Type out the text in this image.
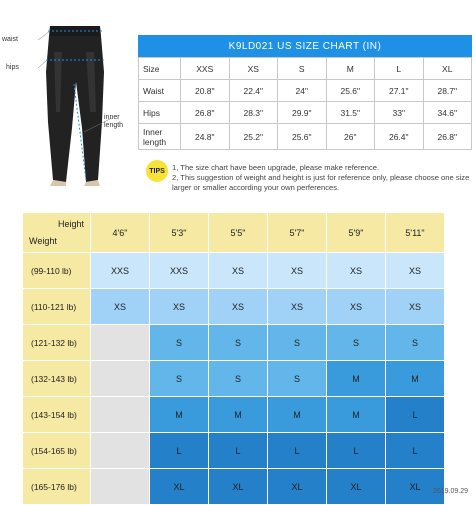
waist
hips
inner
length
K9LD021 US SIZE CHART (IN)
Size	XXS	XS	S	M	L	XL
Waist	20.8"	22.4"	24"	25.6"	27.1"	28.7"
Hips	26.8"	28.3"	29.9"	31.5"	33"	34.6"
Inner length	24.8"	25.2"	25.6"	26"	26.4"	26.8"
TIPS 1, The size chart have been upgrade, please make reference.
2, This suggestion of weight and height is just for reference only, please choose one size larger or smaller according your own perferences.
Height
Weight	4'6"	5'3"	5'5"	5'7"	5'9"	5'11"
(99-110 lb)	XXS	XXS	XS	XS	XS	XS
(110-121 lb)	XS	XS	XS	XS	XS	XS
(121-132 lb)		S	S	S	S	S
(132-143 lb)		S	S	S	M	M
(143-154 lb)		M	M	M	M	L
(154-165 lb)		L	L	L	L	L
(165-176 lb)		XL	XL	XL	XL	XL 2019.09.29
